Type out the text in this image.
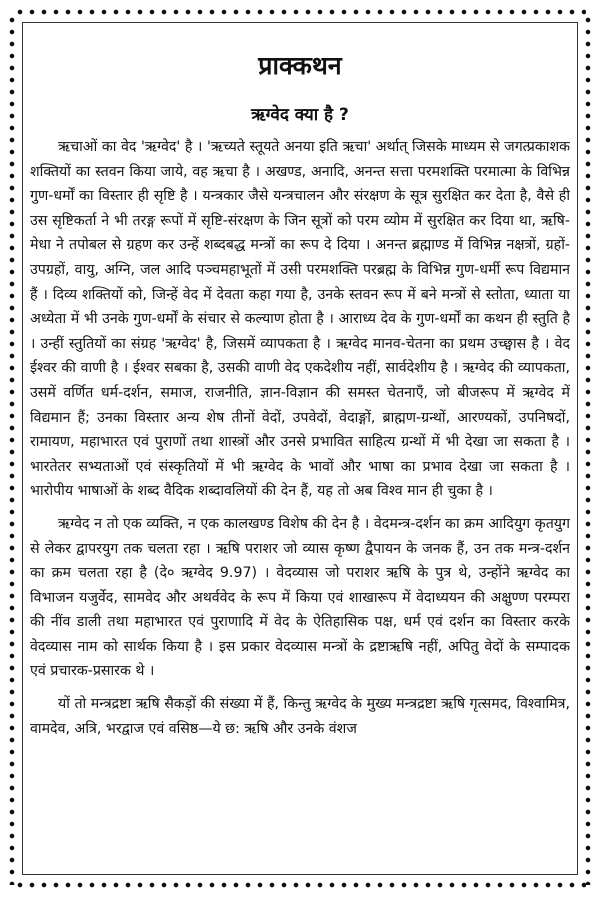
प्राक्कथन
ऋग्वेद क्या है ?

ऋचाओं का वेद 'ऋग्वेद' है । 'ऋच्यते स्तूयते अनया इति ऋचा' अर्थात्‌ जिसके माध्यम से जगत्प्रकाशक शक्तियों का स्तवन किया जाये, वह ऋचा है । अखण्ड, अनादि, अनन्त सत्ता परमशक्ति परमात्मा के विभिन्न गुण-धर्मों का विस्तार ही सृष्टि है । यन्त्रकार जैसे यन्त्रचालन और संरक्षण के सूत्र सुरक्षित कर देता है, वैसे ही उस सृष्टिकर्ता ने भी तरङ्ग रूपों में सृष्टि-संरक्षण के जिन सूत्रों को परम व्योम में सुरक्षित कर दिया था, ऋषि-मेधा ने तपोबल से ग्रहण कर उन्हें शब्दबद्ध मन्त्रों का रूप दे दिया । अनन्त ब्रह्माण्ड में विभिन्न नक्षत्रों, ग्रहों-उपग्रहों, वायु, अग्नि, जल आदि पञ्चमहाभूतों में उसी परमशक्ति परब्रह्म के विभिन्न गुण-धर्मी रूप विद्यमान हैं । दिव्य शक्तियों को, जिन्हें वेद में देवता कहा गया है, उनके स्तवन रूप में बने मन्त्रों से स्तोता, ध्याता या अध्येता में भी उनके गुण-धर्मों के संचार से कल्याण होता है । आराध्य देव के गुण-धर्मों का कथन ही स्तुति है । उन्हीं स्तुतियों का संग्रह 'ऋग्वेद' है, जिसमें व्यापकता है । ऋग्वेद मानव-चेतना का प्रथम उच्छ्वास है । वेद ईश्वर की वाणी है । ईश्वर सबका है, उसकी वाणी वेद एकदेशीय नहीं, सार्वदेशीय है । ऋग्वेद की व्यापकता, उसमें वर्णित धर्म-दर्शन, समाज, राजनीति, ज्ञान-विज्ञान की समस्त चेतनाएँ, जो बीजरूप में ऋग्वेद में विद्यमान हैं; उनका विस्तार अन्य शेष तीनों वेदों, उपवेदों, वेदाङ्गों, ब्राह्मण-ग्रन्थों, आरण्यकों, उपनिषदों, रामायण, महाभारत एवं पुराणों तथा शास्त्रों और उनसे प्रभावित साहित्य ग्रन्थों में भी देखा जा सकता है । भारतेतर सभ्यताओं एवं संस्कृतियों में भी ऋग्वेद के भावों और भाषा का प्रभाव देखा जा सकता है । भारोपीय भाषाओं के शब्द वैदिक शब्दावलियों की देन हैं, यह तो अब विश्व मान ही चुका है ।

ऋग्वेद न तो एक व्यक्ति, न एक कालखण्ड विशेष की देन है । वेदमन्त्र-दर्शन का क्रम आदियुग कृतयुग से लेकर द्वापरयुग तक चलता रहा । ऋषि पराशर जो व्यास कृष्ण द्वैपायन के जनक हैं, उन तक मन्त्र-दर्शन का क्रम चलता रहा है (दे० ऋग्वेद 9.97) । वेदव्यास जो पराशर ऋषि के पुत्र थे, उन्होंने ऋग्वेद का विभाजन यजुर्वेद, सामवेद और अथर्ववेद के रूप में किया एवं शाखारूप में वेदाध्ययन की अक्षुण्ण परम्परा की नींव डाली तथा महाभारत एवं पुराणादि में वेद के ऐतिहासिक पक्ष, धर्म एवं दर्शन का विस्तार करके वेदव्यास नाम को सार्थक किया है । इस प्रकार वेदव्यास मन्त्रों के द्रष्टाऋषि नहीं, अपितु वेदों के सम्पादक एवं प्रचारक-प्रसारक थे ।

यों तो मन्त्रद्रष्टा ऋषि सैकड़ों की संख्या में हैं, किन्तु ऋग्वेद के मुख्य मन्त्रद्रष्टा ऋषि गृत्समद, विश्वामित्र, वामदेव, अत्रि, भरद्वाज एवं वसिष्ठ—ये छ: ऋषि और उनके वंशज
